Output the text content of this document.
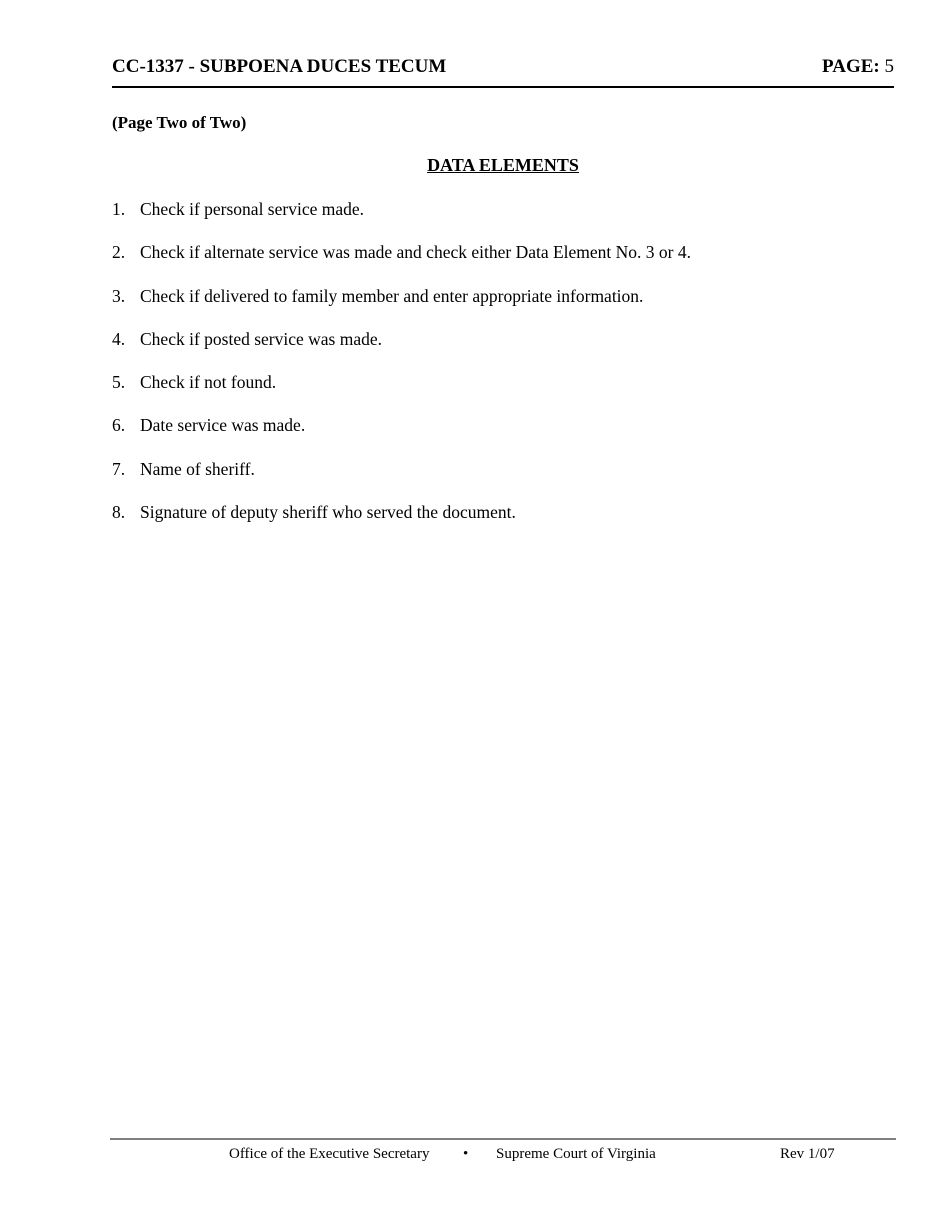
CC-1337 - SUBPOENA DUCES TECUM	PAGE: 5
(Page Two of Two)
DATA ELEMENTS
1. Check if personal service made.
2. Check if alternate service was made and check either Data Element No. 3 or 4.
3. Check if delivered to family member and enter appropriate information.
4. Check if posted service was made.
5. Check if not found.
6. Date service was made.
7. Name of sheriff.
8. Signature of deputy sheriff who served the document.
Office of the Executive Secretary • Supreme Court of Virginia	Rev 1/07
